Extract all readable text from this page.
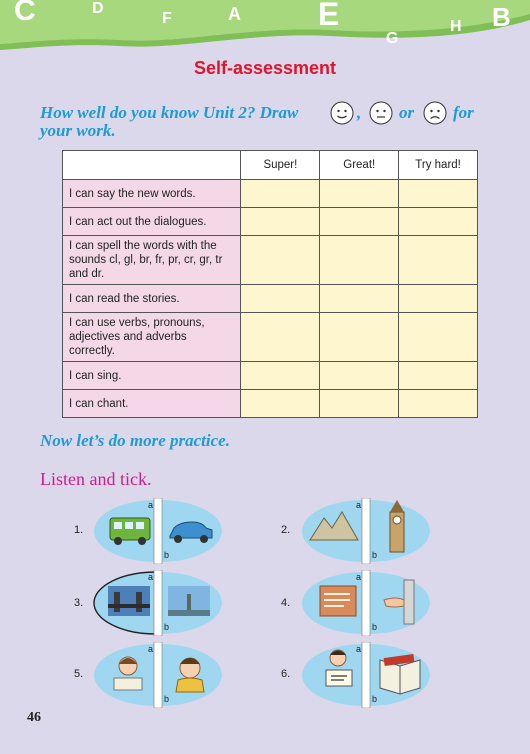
C	D
F	A E
G
H B
Self-assessment
How well do you know Unit 2? Draw	, or for
your work.
	Super!	Great!	Try hard!
I can say the new words.			
I can act out the dialogues.			
I can spell the words with the sounds cl, gl, br, fr, pr, cr, gr, tr and dr.			
I can read the stories.			
I can use verbs, pronouns, adjectives and adverbs correctly.			
I can sing.			
I can chant.			
Now let’s do more practice.
Listen and tick.
1.
a
b
2.
a
b
3.
a
b
4.
a
b
5.
a
b
6.
a
b
46
